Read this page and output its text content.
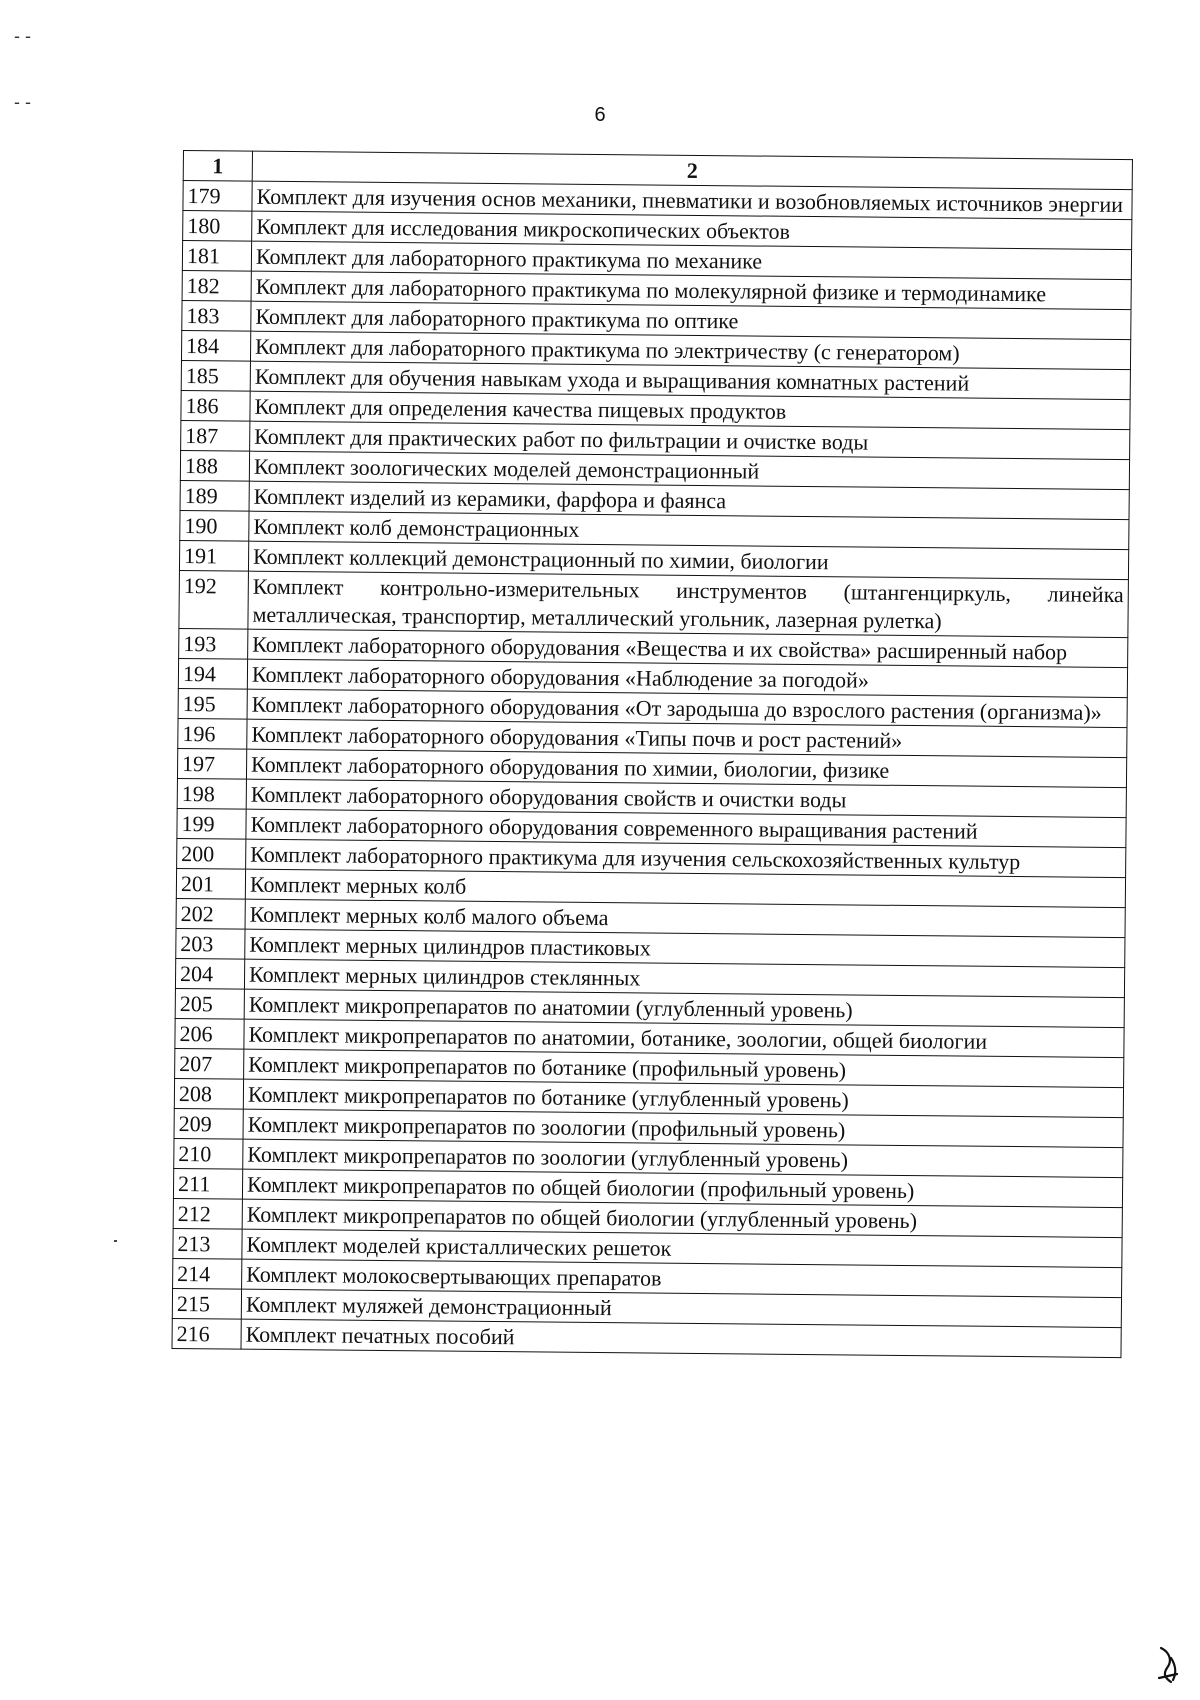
- -
- -
6
1	2
179	Комплект для изучения основ механики, пневматики и возобновляемых источников энергии
180	Комплект для исследования микроскопических объектов
181	Комплект для лабораторного практикума по механике
182	Комплект для лабораторного практикума по молекулярной физике и термодинамике
183	Комплект для лабораторного практикума по оптике
184	Комплект для лабораторного практикума по электричеству (с генератором)
185	Комплект для обучения навыкам ухода и выращивания комнатных растений
186	Комплект для определения качества пищевых продуктов
187	Комплект для практических работ по фильтрации и очистке воды
188	Комплект зоологических моделей демонстрационный
189	Комплект изделий из керамики, фарфора и фаянса
190	Комплект колб демонстрационных
191	Комплект коллекций демонстрационный по химии, биологии
192	Комплект контрольно-измерительных инструментов (штангенциркуль, линейка металлическая, транспортир, металлический угольник, лазерная рулетка)
193	Комплект лабораторного оборудования «Вещества и их свойства» расширенный набор
194	Комплект лабораторного оборудования «Наблюдение за погодой»
195	Комплект лабораторного оборудования «От зародыша до взрослого растения (организма)»
196	Комплект лабораторного оборудования «Типы почв и рост растений»
197	Комплект лабораторного оборудования по химии, биологии, физике
198	Комплект лабораторного оборудования свойств и очистки воды
199	Комплект лабораторного оборудования современного выращивания растений
200	Комплект лабораторного практикума для изучения сельскохозяйственных культур
201	Комплект мерных колб
202	Комплект мерных колб малого объема
203	Комплект мерных цилиндров пластиковых
204	Комплект мерных цилиндров стеклянных
205	Комплект микропрепаратов по анатомии (углубленный уровень)
206	Комплект микропрепаратов по анатомии, ботанике, зоологии, общей биологии
207	Комплект микропрепаратов по ботанике (профильный уровень)
208	Комплект микропрепаратов по ботанике (углубленный уровень)
209	Комплект микропрепаратов по зоологии (профильный уровень)
210	Комплект микропрепаратов по зоологии (углубленный уровень)
211	Комплект микропрепаратов по общей биологии (профильный уровень)
212	Комплект микропрепаратов по общей биологии (углубленный уровень)
213	Комплект моделей кристаллических решеток
214	Комплект молокосвертывающих препаратов
215	Комплект муляжей демонстрационный
216	Комплект печатных пособий
